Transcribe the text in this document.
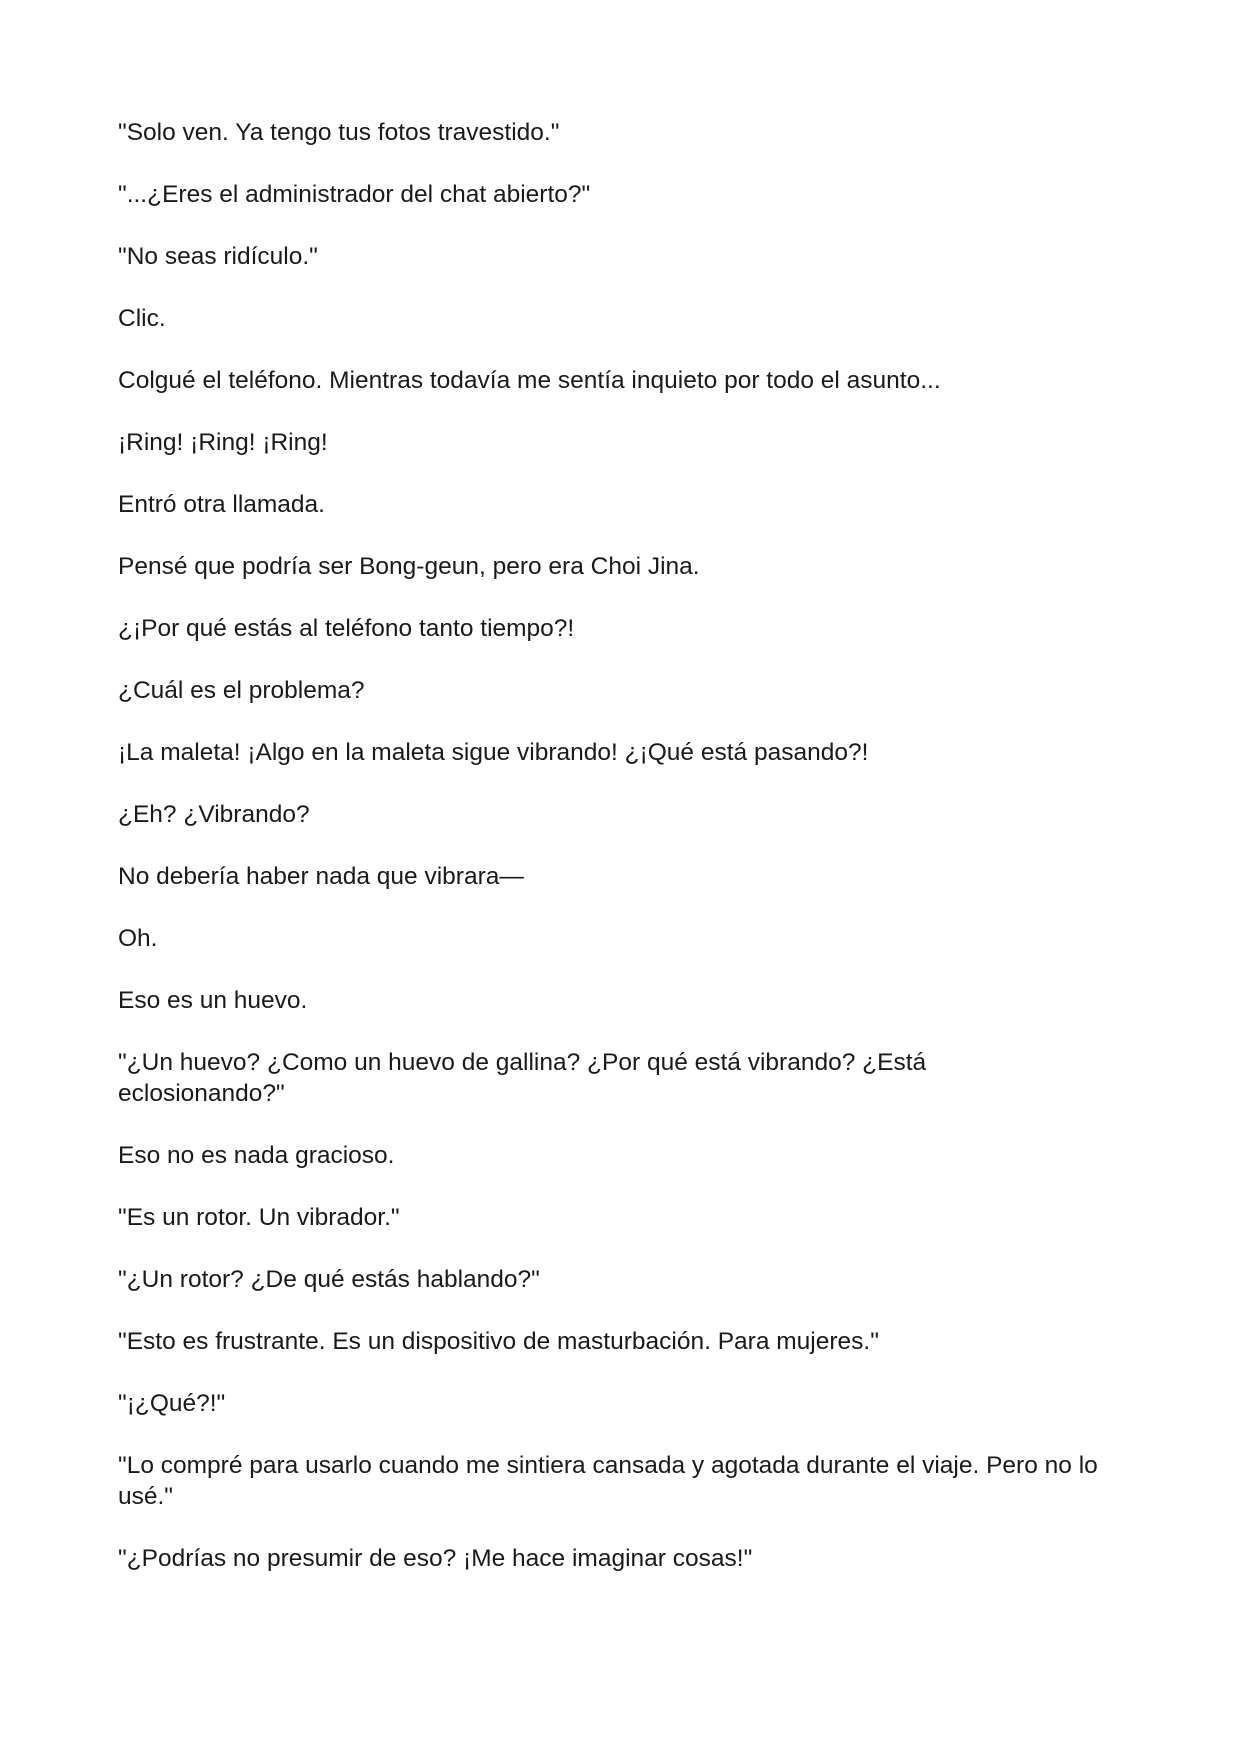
"Solo ven. Ya tengo tus fotos travestido."

"...¿Eres el administrador del chat abierto?"

"No seas ridículo."

Clic.

Colgué el teléfono. Mientras todavía me sentía inquieto por todo el asunto...

¡Ring! ¡Ring! ¡Ring!

Entró otra llamada.

Pensé que podría ser Bong-geun, pero era Choi Jina.

¿¡Por qué estás al teléfono tanto tiempo?!

¿Cuál es el problema?

¡La maleta! ¡Algo en la maleta sigue vibrando! ¿¡Qué está pasando?!

¿Eh? ¿Vibrando?

No debería haber nada que vibrara—

Oh.

Eso es un huevo.

"¿Un huevo? ¿Como un huevo de gallina? ¿Por qué está vibrando? ¿Está eclosionando?"

Eso no es nada gracioso.

"Es un rotor. Un vibrador."

"¿Un rotor? ¿De qué estás hablando?"

"Esto es frustrante. Es un dispositivo de masturbación. Para mujeres."

"¡¿Qué?!"

"Lo compré para usarlo cuando me sintiera cansada y agotada durante el viaje. Pero no lo usé."

"¿Podrías no presumir de eso? ¡Me hace imaginar cosas!"
